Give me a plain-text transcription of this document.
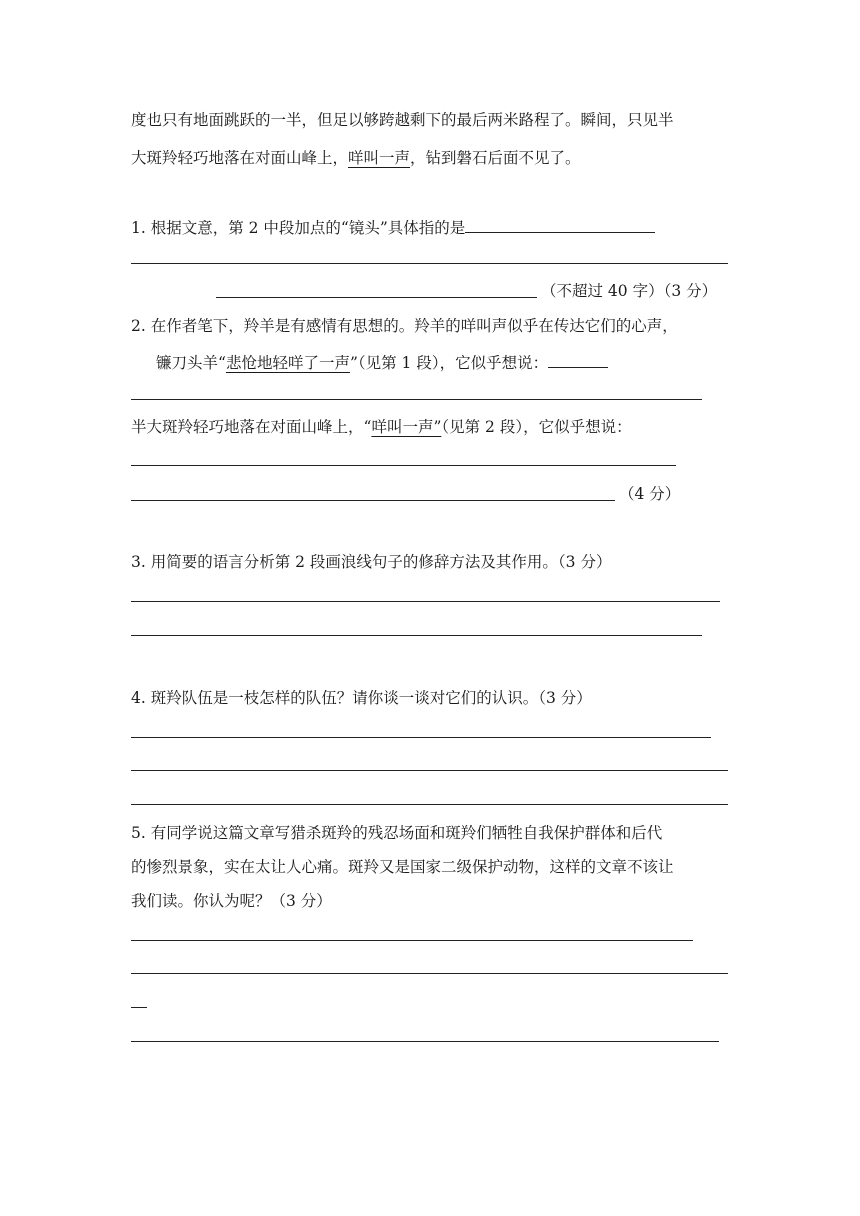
度也只有地面跳跃的一半，但足以够跨越剩下的最后两米路程了。瞬间，只见半
大斑羚轻巧地落在对面山峰上，咩叫一声，钻到磐石后面不见了。
1. 根据文意，第 2 中段加点的“镜头”具体指的是
（不超过 40 字）（3 分）
2. 在作者笔下，羚羊是有感情有思想的。羚羊的咩叫声似乎在传达它们的心声，
镰刀头羊“悲怆地轻咩了一声”（见第 1 段），它似乎想说：
半大斑羚轻巧地落在对面山峰上，“咩叫一声”（见第 2 段），它似乎想说：
（4 分）
3. 用简要的语言分析第 2 段画浪线句子的修辞方法及其作用。（3 分）
4. 斑羚队伍是一枝怎样的队伍？请你谈一谈对它们的认识。（3 分）
5. 有同学说这篇文章写猎杀斑羚的残忍场面和斑羚们牺牲自我保护群体和后代
的惨烈景象，实在太让人心痛。斑羚又是国家二级保护动物，这样的文章不该让
我们读。你认为呢？（3 分）
